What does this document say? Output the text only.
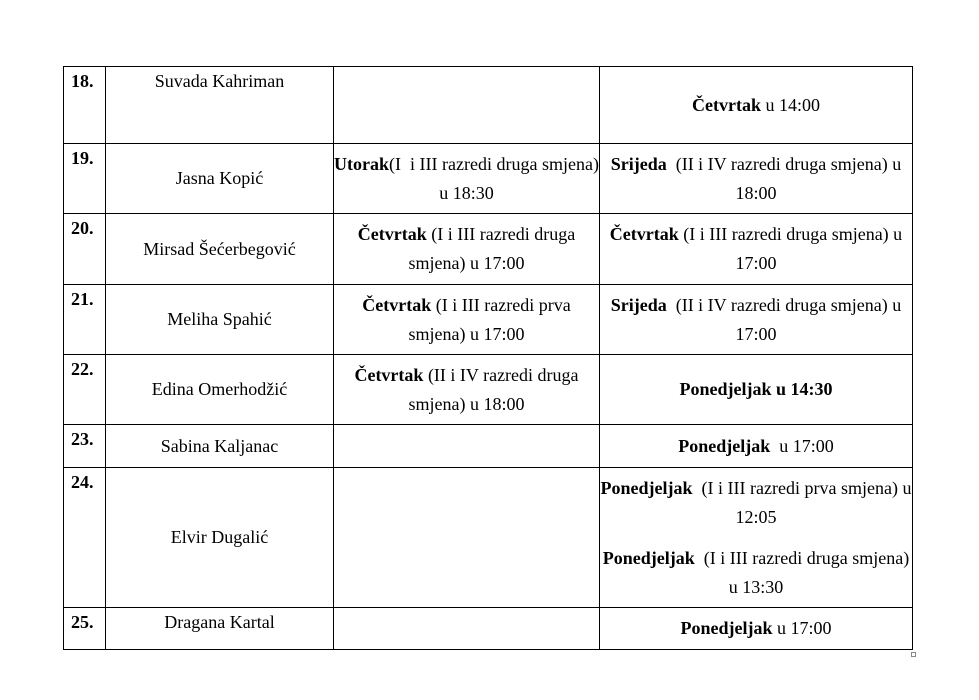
18.	Suvada Kahriman		Četvrtak u 14:00

19.	Jasna Kopić	Utorak(I  i III razredi druga smjena) u 18:30	Srijeda  (II i IV razredi druga smjena) u 18:00

20.	Mirsad Šećerbegović	Četvrtak (I i III razredi druga smjena) u 17:00	Četvrtak (I i III razredi druga smjena) u 17:00

21.	Meliha Spahić	Četvrtak (I i III razredi prva smjena) u 17:00	Srijeda  (II i IV razredi druga smjena) u 17:00

22.	Edina Omerhodžić	Četvrtak (II i IV razredi druga smjena) u 18:00	Ponedjeljak u 14:30

23.	Sabina Kaljanac		Ponedjeljak  u 17:00

24.	Elvir Dugalić		Ponedjeljak  (I i III razredi prva smjena) u 12:05
Ponedjeljak  (I i III razredi druga smjena) u 13:30

25.	Dragana Kartal		Ponedjeljak u 17:00
